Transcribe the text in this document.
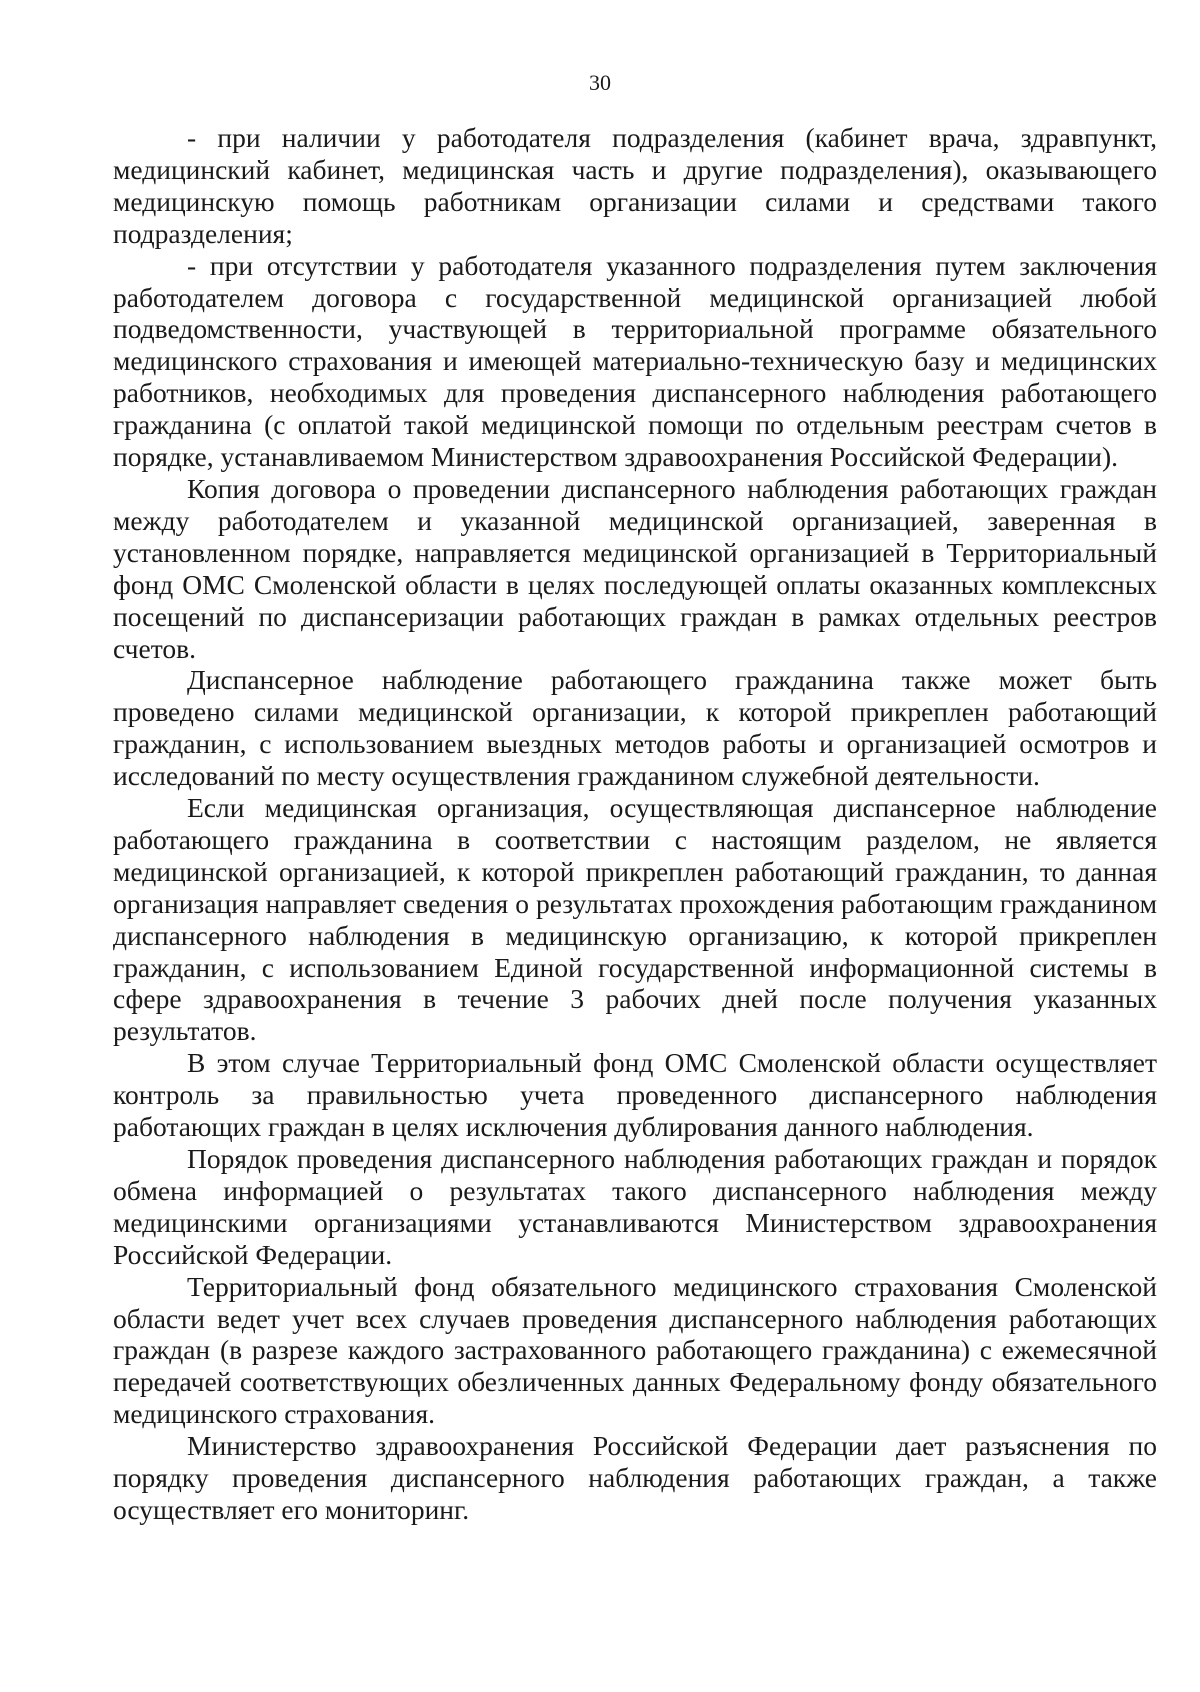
30

- при наличии у работодателя подразделения (кабинет врача, здравпункт, медицинский кабинет, медицинская часть и другие подразделения), оказывающего медицинскую помощь работникам организации силами и средствами такого подразделения;

- при отсутствии у работодателя указанного подразделения путем заключения работодателем договора с государственной медицинской организацией любой подведомственности, участвующей в территориальной программе обязательного медицинского страхования и имеющей материально-техническую базу и медицинских работников, необходимых для проведения диспансерного наблюдения работающего гражданина (с оплатой такой медицинской помощи по отдельным реестрам счетов в порядке, устанавливаемом Министерством здравоохранения Российской Федерации).

Копия договора о проведении диспансерного наблюдения работающих граждан между работодателем и указанной медицинской организацией, заверенная в установленном порядке, направляется медицинской организацией в Территориальный фонд ОМС Смоленской области в целях последующей оплаты оказанных комплексных посещений по диспансеризации работающих граждан в рамках отдельных реестров счетов.

Диспансерное наблюдение работающего гражданина также может быть проведено силами медицинской организации, к которой прикреплен работающий гражданин, с использованием выездных методов работы и организацией осмотров и исследований по месту осуществления гражданином служебной деятельности.

Если медицинская организация, осуществляющая диспансерное наблюдение работающего гражданина в соответствии с настоящим разделом, не является медицинской организацией, к которой прикреплен работающий гражданин, то данная организация направляет сведения о результатах прохождения работающим гражданином диспансерного наблюдения в медицинскую организацию, к которой прикреплен гражданин, с использованием Единой государственной информационной системы в сфере здравоохранения в течение 3 рабочих дней после получения указанных результатов.

В этом случае Территориальный фонд ОМС Смоленской области осуществляет контроль за правильностью учета проведенного диспансерного наблюдения работающих граждан в целях исключения дублирования данного наблюдения.

Порядок проведения диспансерного наблюдения работающих граждан и порядок обмена информацией о результатах такого диспансерного наблюдения между медицинскими организациями устанавливаются Министерством здравоохранения Российской Федерации.

Территориальный фонд обязательного медицинского страхования Смоленской области ведет учет всех случаев проведения диспансерного наблюдения работающих граждан (в разрезе каждого застрахованного работающего гражданина) с ежемесячной передачей соответствующих обезличенных данных Федеральному фонду обязательного медицинского страхования.

Министерство здравоохранения Российской Федерации дает разъяснения по порядку проведения диспансерного наблюдения работающих граждан, а также осуществляет его мониторинг.
